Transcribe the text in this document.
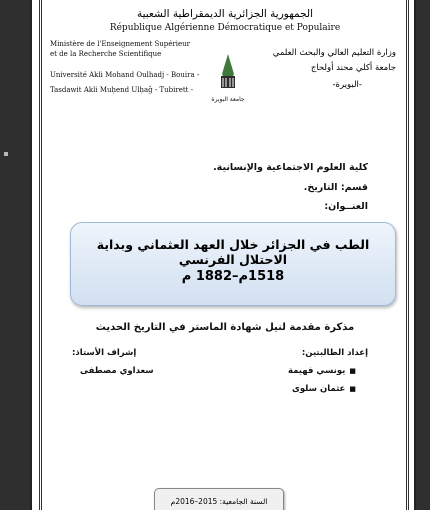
الجمهورية الجزائرية الديمقراطية الشعبية
République Algérienne Démocratique et Populaire
Ministère de l'Enseignement Supérieur
et de la Recherche Scientifique
Université Akli Mohand Oulhadj - Bouira -
Tasdawit Akli Muḥend Ulḥaǧ - Tubirett -
وزارة التعليم العالي والبحث العلمي
جامعة أكلي محند أولحاج
-البويرة-
جامعة البويرة
كلية العلوم الاجتماعية والإنسانية.
قسم: التاريخ.
العنــوان:
الطب في الجزائر خلال العهد العثماني وبداية الاحتلال الفرنسي
1518م–1882 م
مذكرة مقدمة لنيل شهادة الماستر في التاريخ الحديث
إعداد الطالبتين:
■يونسي فهيمة
■عثمان سلوى
إشراف الأستاذ:
سعداوي مصطفى
السنة الجامعية: 2015–2016م
